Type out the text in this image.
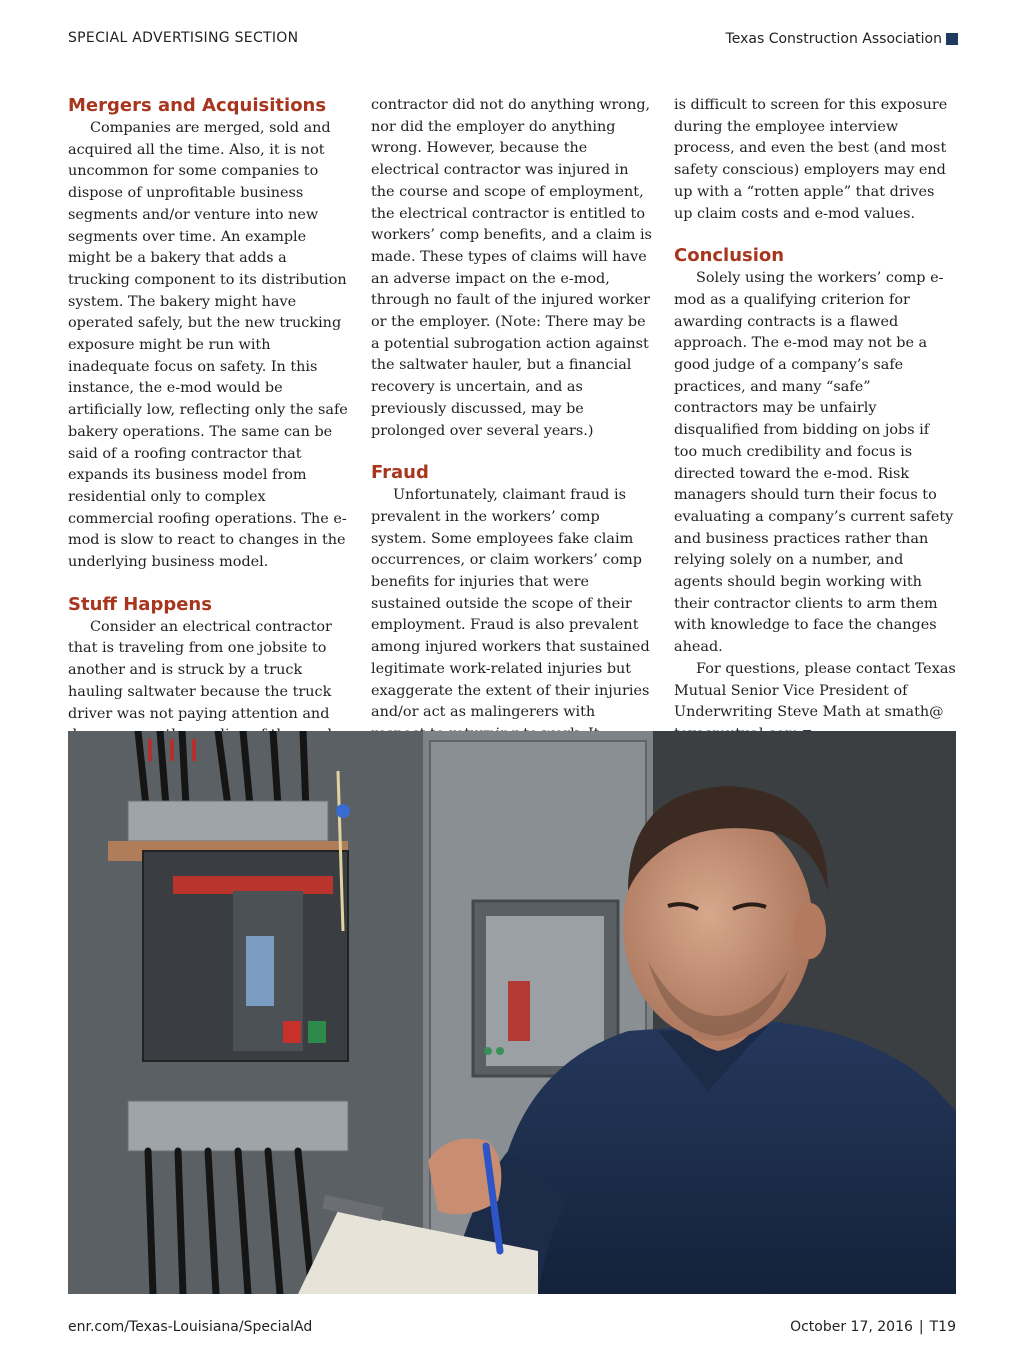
SPECIAL ADVERTISING SECTION	Texas Construction Association
Mergers and Acquisitions

Companies are merged, sold and acquired all the time. Also, it is not uncommon for some companies to dispose of unprofitable business segments and/or venture into new segments over time. An example might be a bakery that adds a trucking component to its distribution system. The bakery might have operated safely, but the new trucking exposure might be run with inadequate focus on safety. In this instance, the e-mod would be artificially low, reflecting only the safe bakery operations. The same can be said of a roofing contractor that expands its business model from residential only to complex commercial roofing operations. The e-mod is slow to react to changes in the underlying business model.

Stuff Happens

Consider an electrical contractor that is traveling from one jobsite to another and is struck by a truck hauling saltwater because the truck driver was not paying attention and

contractor did not do anything wrong, nor did the employer do anything wrong. However, because the electrical contractor was injured in the course and scope of employment, the electrical contractor is entitled to workers’ comp benefits, and a claim is made. These types of claims will have an adverse impact on the e-mod, through no fault of the injured worker or the employer. (Note: There may be a potential subrogation action against the saltwater hauler, but a financial recovery is uncertain, and as previously discussed, may be prolonged over several years.)

Fraud

Unfortunately, claimant fraud is prevalent in the workers’ comp system. Some employees fake claim occurrences, or claim workers’ comp benefits for injuries that were sustained outside the scope of their employment. Fraud is also prevalent among injured workers that sustained legitimate work-related injuries but exaggerate the extent of their injuries and/or act as malingerers with

is difficult to screen for this exposure during the employee interview process, and even the best (and most safety conscious) employers may end up with a “rotten apple” that drives up claim costs and e-mod values.

Conclusion

Solely using the workers’ comp e-mod as a qualifying criterion for awarding contracts is a flawed approach. The e-mod may not be a good judge of a company’s safe practices, and many “safe” contractors may be unfairly disqualified from bidding on jobs if too much credibility and focus is directed toward the e-mod. Risk managers should turn their focus to evaluating a company’s current safety and business practices rather than relying solely on a number, and agents should begin working with their contractor clients to arm them with knowledge to face the changes ahead.

For questions, please contact Texas Mutual Senior Vice President of Underwriting Steve Math at smath@

enr.com/Texas-Louisiana/SpecialAd	October 17, 2016 | T19
